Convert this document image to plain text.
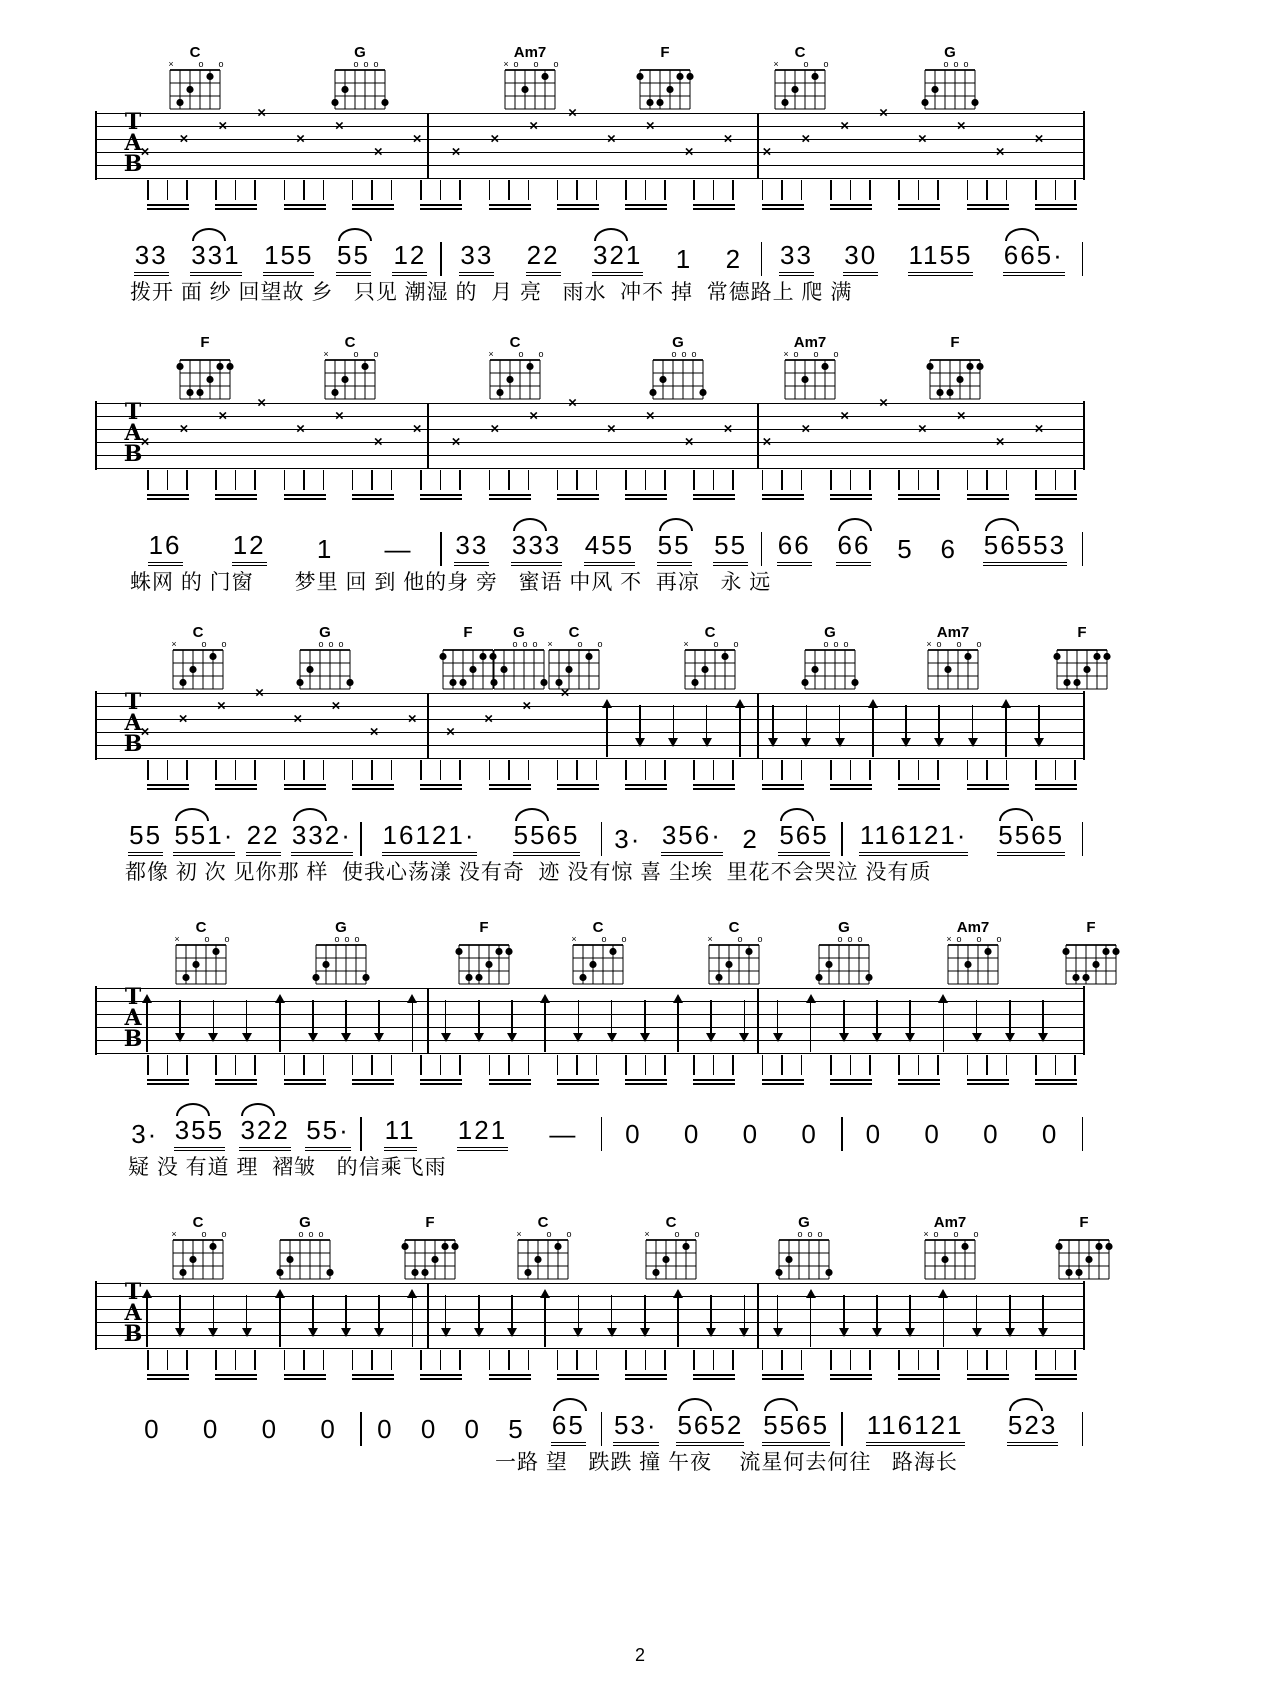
C
×	o o
G
o o o
Am7
× o o o
F	C
×	o o
G
o o o
T
A
B
×
×
×
×
×
×
×
×
×
×
×
×
×
×
×
×
×
×
×
×
×
×
×
×
33 331 155 55 12 33 22 321 1 2 33 30 1155 665·
拨开 面 纱 回望故 乡   只见 潮湿 的  月 亮   雨水  冲不 掉  常德路上 爬 满
F	C
×	o o
C
×	o o
G
o o o
Am7
× o o o
F
T
A
B
×
×
×
×
×
×
×
×
×
×
×
×
×
×
×
×
×
×
×
×
×
×
×
×
16 12 1 — 33 333 455 55 55 66 66 5 6 56553
蛛网 的 门窗      梦里 回 到 他的身 旁   蜜语 中风 不  再凉   永 远
C
×	o o
G
o o o
F	G
o o o
C
×	o o
C
×	o o
G
o o o
Am7
× o o o
F
T
A
B
×
×
×
×
×
×
×
×
×
×
×
×
55 551· 22 332· 16121· 5565 3· 356· 2 565 116121· 5565
都像 初 次 见你那 样  使我心荡漾 没有奇  迹 没有惊 喜 尘埃  里花不会哭泣 没有质
C
×	o o
G
o o o
F	C
×	o o
C
×	o o
G
o o o
Am7
× o o o
F
T
A
B
3· 355 322 55· 11 121 — 0 0 0 0 0 0 0 0
疑 没 有道 理  褶皱   的信乘飞雨
C
×	o o
G
o o o
F	C
×	o o
C
×	o o
G
o o o
Am7
× o o o
F
T
A
B
0 0 0 0 0 0 0 5 65 53· 5652 5565 116121 523
一路 望   跌跌 撞 午夜    流星何去何往   路海长
2
